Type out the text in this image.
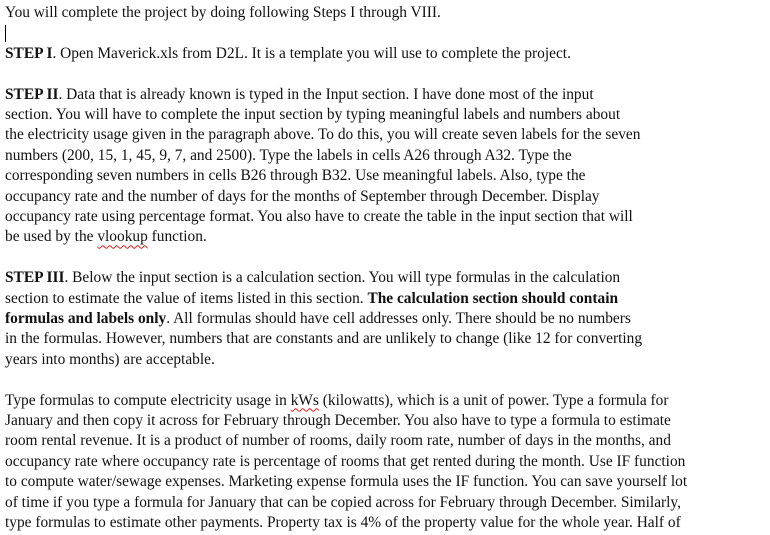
You will complete the project by doing following Steps I through VIII.

STEP I. Open Maverick.xls from D2L. It is a template you will use to complete the project.

STEP II. Data that is already known is typed in the Input section. I have done most of the input
section. You will have to complete the input section by typing meaningful labels and numbers about
the electricity usage given in the paragraph above. To do this, you will create seven labels for the seven
numbers (200, 15, 1, 45, 9, 7, and 2500). Type the labels in cells A26 through A32. Type the
corresponding seven numbers in cells B26 through B32. Use meaningful labels. Also, type the
occupancy rate and the number of days for the months of September through December. Display
occupancy rate using percentage format. You also have to create the table in the input section that will
be used by the vlookup function.

STEP III. Below the input section is a calculation section. You will type formulas in the calculation
section to estimate the value of items listed in this section. The calculation section should contain
formulas and labels only. All formulas should have cell addresses only. There should be no numbers
in the formulas. However, numbers that are constants and are unlikely to change (like 12 for converting
years into months) are acceptable.

Type formulas to compute electricity usage in kWs (kilowatts), which is a unit of power. Type a formula for
January and then copy it across for February through December. You also have to type a formula to estimate
room rental revenue. It is a product of number of rooms, daily room rate, number of days in the months, and
occupancy rate where occupancy rate is percentage of rooms that get rented during the month. Use IF function
to compute water/sewage expenses. Marketing expense formula uses the IF function. You can save yourself lot
of time if you type a formula for January that can be copied across for February through December. Similarly,
type formulas to estimate other payments. Property tax is 4% of the property value for the whole year. Half of
